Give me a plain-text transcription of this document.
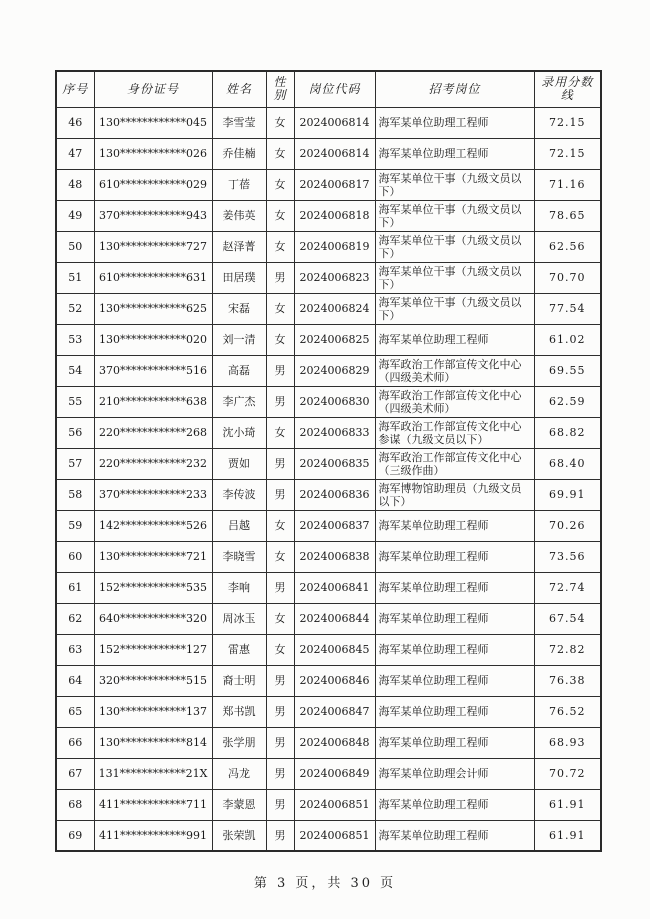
序号	身份证号	姓名	性别	岗位代码	招考岗位	录用分数线
46	130************045	李雪莹	女	2024006814	海军某单位助理工程师	72.15
47	130************026	乔佳楠	女	2024006814	海军某单位助理工程师	72.15
48	610************029	丁蓓	女	2024006817	海军某单位干事（九级文员以下）	71.16
49	370************943	姜伟英	女	2024006818	海军某单位干事（九级文员以下）	78.65
50	130************727	赵泽菁	女	2024006819	海军某单位干事（九级文员以下）	62.56
51	610************631	田居璞	男	2024006823	海军某单位干事（九级文员以下）	70.70
52	130************625	宋磊	女	2024006824	海军某单位干事（九级文员以下）	77.54
53	130************020	刘一清	女	2024006825	海军某单位助理工程师	61.02
54	370************516	高磊	男	2024006829	海军政治工作部宣传文化中心（四级美术师）	69.55
55	210************638	李广杰	男	2024006830	海军政治工作部宣传文化中心（四级美术师）	62.59
56	220************268	沈小琦	女	2024006833	海军政治工作部宣传文化中心参谋（九级文员以下）	68.82
57	220************232	贾如	男	2024006835	海军政治工作部宣传文化中心（三级作曲）	68.40
58	370************233	李传波	男	2024006836	海军博物馆助理员（九级文员以下）	69.91
59	142************526	吕越	女	2024006837	海军某单位助理工程师	70.26
60	130************721	李晓雪	女	2024006838	海军某单位助理工程师	73.56
61	152************535	李响	男	2024006841	海军某单位助理工程师	72.74
62	640************320	周冰玉	女	2024006844	海军某单位助理工程师	67.54
63	152************127	雷惠	女	2024006845	海军某单位助理工程师	72.82
64	320************515	裔士明	男	2024006846	海军某单位助理工程师	76.38
65	130************137	郑书凯	男	2024006847	海军某单位助理工程师	76.52
66	130************814	张学朋	男	2024006848	海军某单位助理工程师	68.93
67	131************21X	冯龙	男	2024006849	海军某单位助理会计师	70.72
68	411************711	李蒙恩	男	2024006851	海军某单位助理工程师	61.91
69	411************991	张荣凯	男	2024006851	海军某单位助理工程师	61.91
第 3 页，共 30 页
